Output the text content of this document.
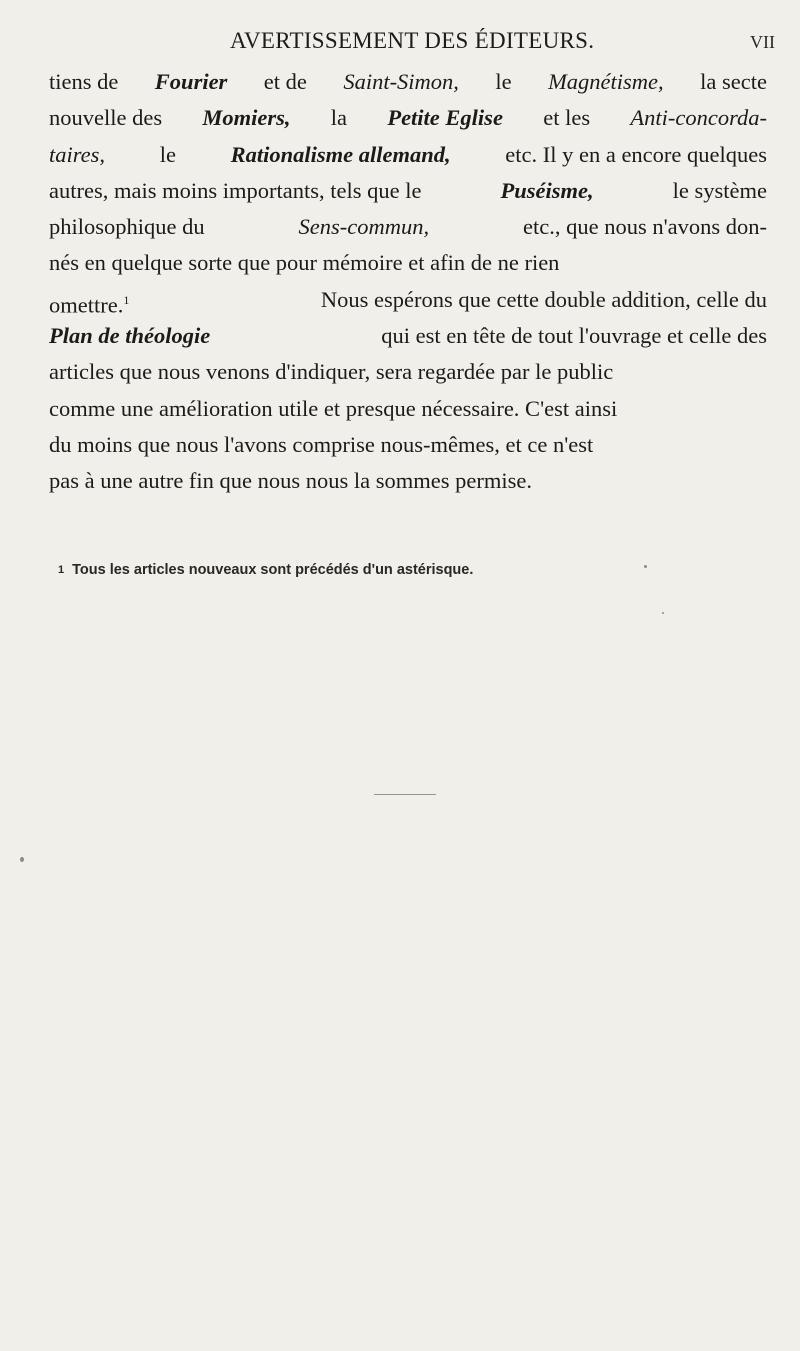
AVERTISSEMENT DES ÉDITEURS.	VII
tiens de Fourier et de Saint-Simon, le Magnétisme, la secte
nouvelle des Momiers, la Petite Eglise et les Anti-concorda-
taires, le Rationalisme allemand, etc. Il y en a encore quelques
autres, mais moins importants, tels que le	Puséisme,	le système
philosophique du	Sens-commun,	etc., que nous n'avons don-
nés en quelque sorte que pour mémoire et afin de ne rien
omettre.$^1$	Nous espérons que cette double addition, celle du
Plan de théologie	qui est en tête de tout l'ouvrage et celle des
articles que nous venons d'indiquer, sera regardée par le public
comme une amélioration utile et presque nécessaire. C'est ainsi
du moins que nous l'avons comprise nous-mêmes, et ce n'est
pas à une autre fin que nous nous la sommes permise.
1 Tous les articles nouveaux sont précédés d'un astérisque.
